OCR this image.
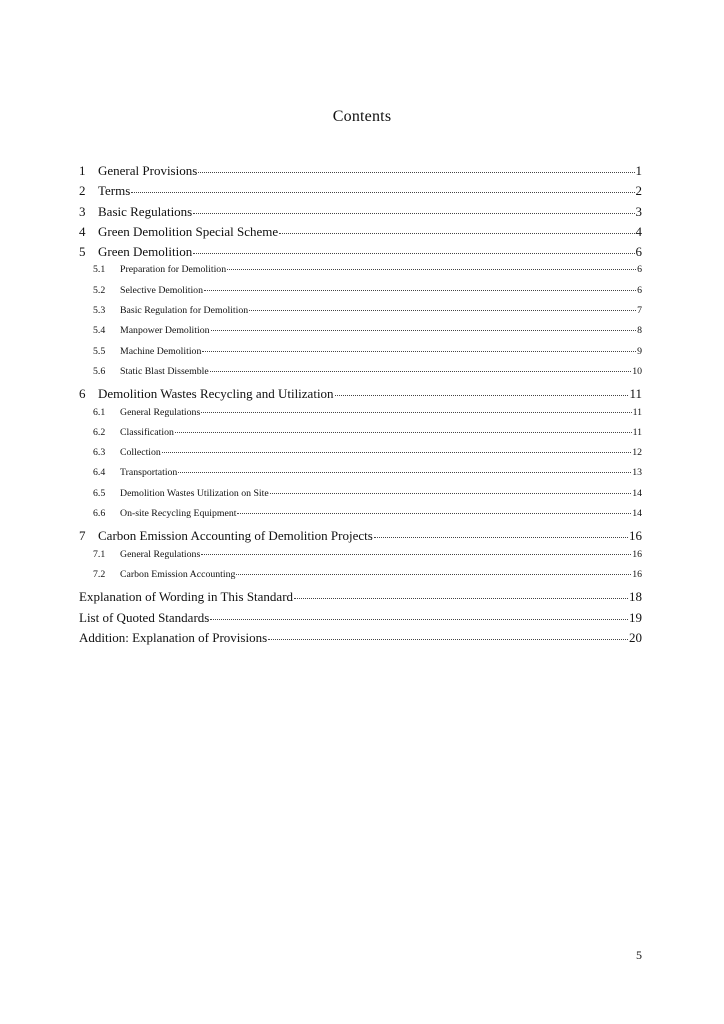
Contents
1 General Provisions	1
2 Terms	2
3 Basic Regulations	3
4 Green Demolition Special Scheme	4
5 Green Demolition	6
5.1	Preparation for Demolition	6
5.2	Selective Demolition	6
5.3	Basic Regulation for Demolition	7
5.4	Manpower Demolition	8
5.5	Machine Demolition	9
5.6	Static Blast Dissemble	10
6 Demolition Wastes Recycling and Utilization	11
6.1	General Regulations	11
6.2	Classification	11
6.3	Collection	12
6.4	Transportation	13
6.5	Demolition Wastes Utilization on Site	14
6.6	On-site Recycling Equipment	14
7 Carbon Emission Accounting of Demolition Projects	16
7.1	General Regulations	16
7.2	Carbon Emission Accounting	16
Explanation of Wording in This Standard	18
List of Quoted Standards	19
Addition: Explanation of Provisions	20
5
